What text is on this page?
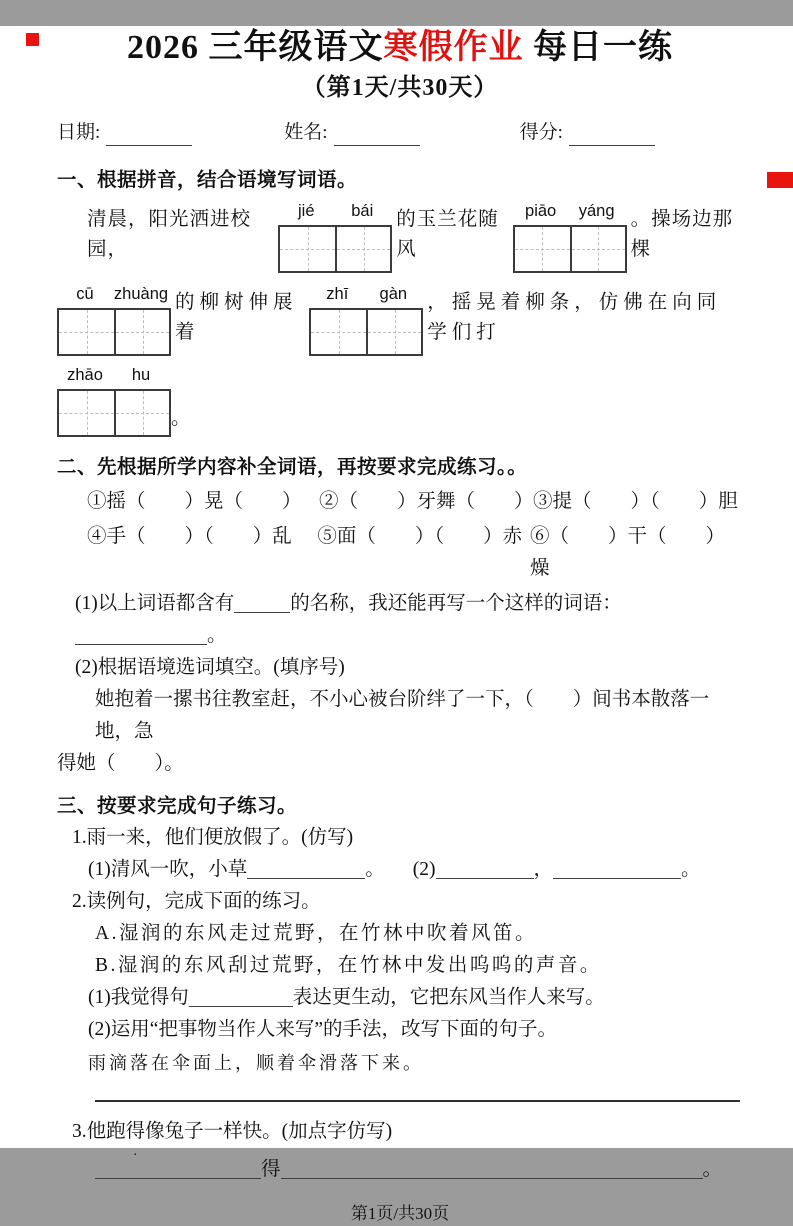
2026 三年级语文寒假作业 每日一练
（第1天/共30天）
日期:	姓名:	得分:
一、根据拼音，结合语境写词语。
清晨，阳光洒进校园，
jié	bái	的玉兰花随风
piāo	yáng 。操场边那棵
cū	zhuàng 的柳树伸展着
zhī	gàn	，摇晃着柳条，仿佛在向同学们打
zhāo	hu
。
二、先根据所学内容补全词语，再按要求完成练习。。
①摇（　　）晃（　　） ②（　　）牙舞（　　） ③提（　　）（　　）胆
④手（　　）（　　）乱	⑤面（　　）（　　）赤 ⑥（　　）干（　　）燥
(1)以上词语都含有	的名称，我还能再写一个这样的词语：。
(2)根据语境选词填空。(填序号)
她抱着一摞书往教室赶，不小心被台阶绊了一下，（　　）间书本散落一地，急
得她（　　）。
三、按要求完成句子练习。
1.雨一来，他们便放假了。(仿写)
(1)清风一吹，小草	。 (2)	，	。
2.读例句，完成下面的练习。
A.湿润的东风走过荒野，在竹林中吹着风笛。
B.湿润的东风刮过荒野，在竹林中发出呜呜的声音。
(1)我觉得句	表达更生动，它把东风当作人来写。
(2)运用“把事物当作人来写”的手法，改写下面的句子。
雨滴落在伞面上，顺着伞滑落下来。
3.他跑得
·
像兔子一样快。(加点字仿写)
得	。
第1页/共30页
